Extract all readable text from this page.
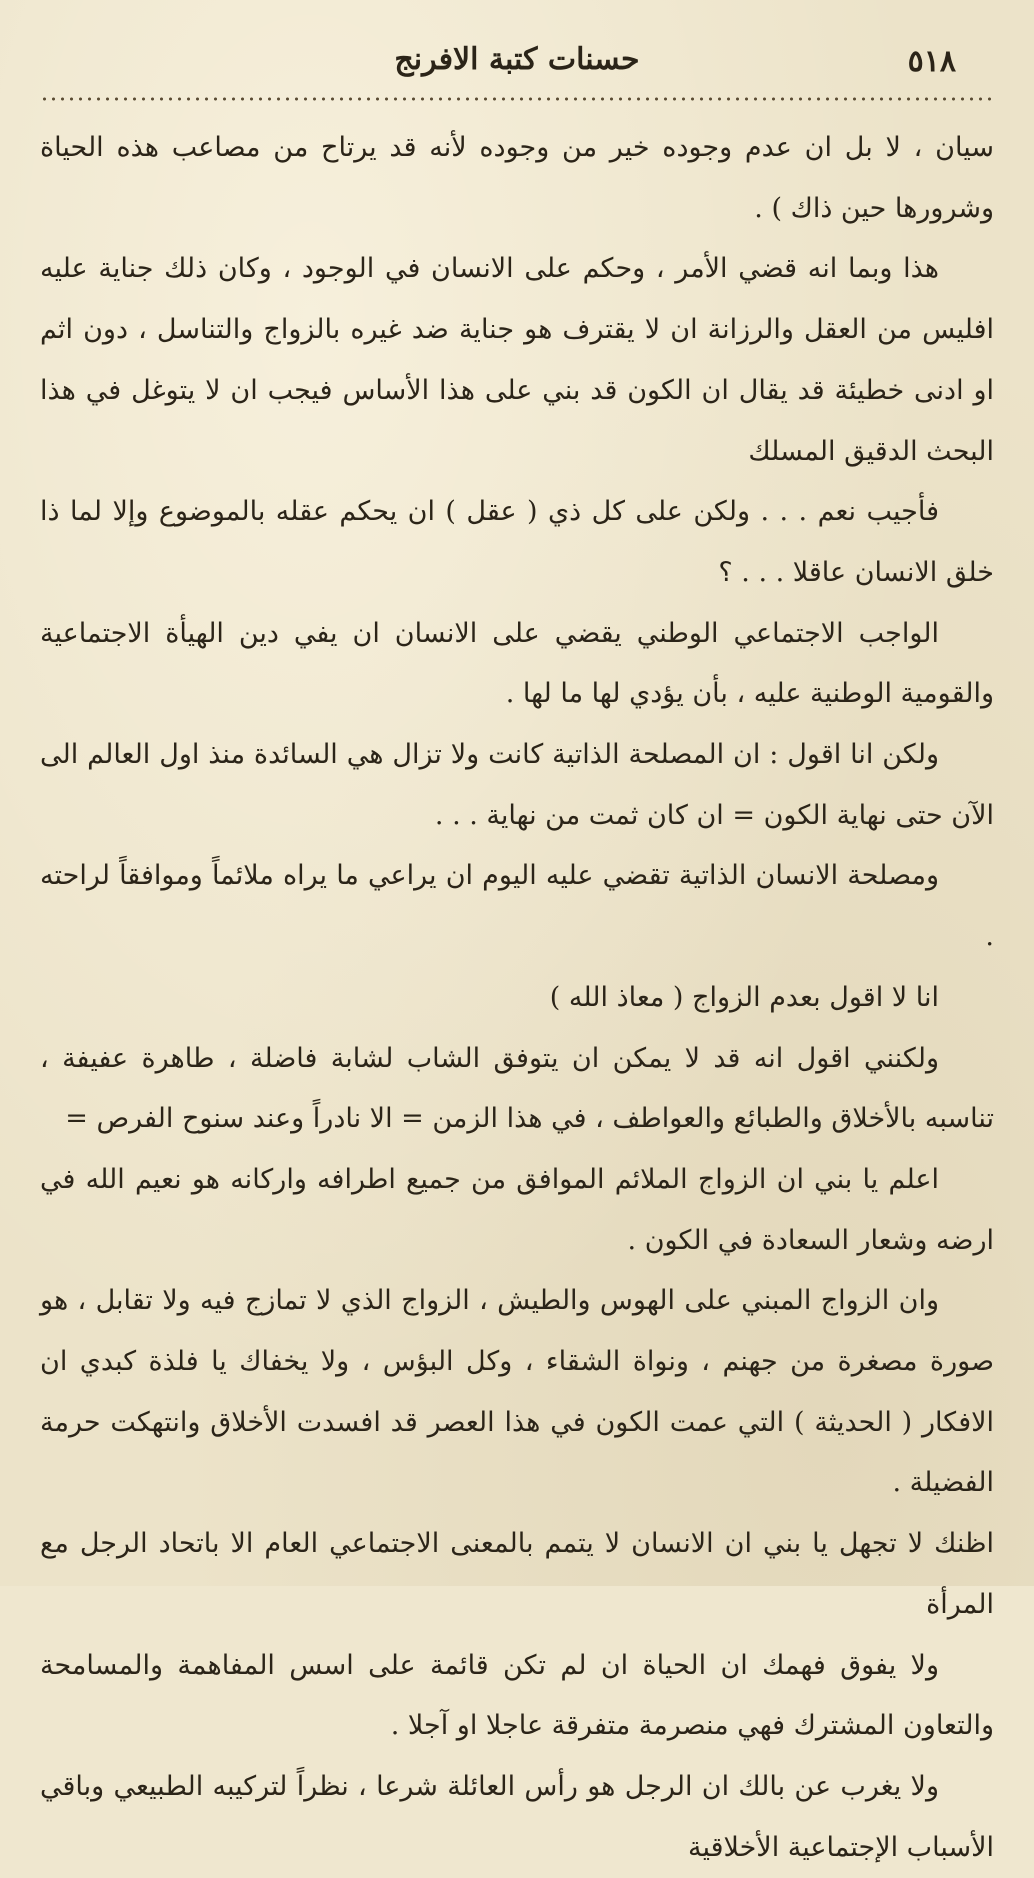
٥١٨
حسنات كتبة الافرنج

سيان ، لا بل ان عدم وجوده خير من وجوده لأنه قد يرتاح من مصاعب هذه الحياة وشرورها حين ذاك ) .

هذا وبما انه قضي الأمر ، وحكم على الانسان في الوجود ، وكان ذلك جناية عليه افليس من العقل والرزانة ان لا يقترف هو جناية ضد غيره بالزواج والتناسل ، دون اثم او ادنى خطيئة قد يقال ان الكون قد بني على هذا الأساس فيجب ان لا يتوغل في هذا البحث الدقيق المسلك

فأجيب نعم . . . ولكن على كل ذي ( عقل ) ان يحكم عقله بالموضوع وإلا لما ذا خلق الانسان عاقلا . . . ؟

الواجب الاجتماعي الوطني يقضي على الانسان ان يفي دين الهيأة الاجتماعية والقومية الوطنية عليه ، بأن يؤدي لها ما لها .

ولكن انا اقول : ان المصلحة الذاتية كانت ولا تزال هي السائدة منذ اول العالم الى الآن حتى نهاية الكون = ان كان ثمت من نهاية . . .

ومصلحة الانسان الذاتية تقضي عليه اليوم ان يراعي ما يراه ملائماً وموافقاً لراحته .

انا لا اقول بعدم الزواج ( معاذ الله )

ولكنني اقول انه قد لا يمكن ان يتوفق الشاب لشابة فاضلة ، طاهرة عفيفة ، تناسبه بالأخلاق والطبائع والعواطف ، في هذا الزمن = الا نادراً وعند سنوح الفرص =

اعلم يا بني ان الزواج الملائم الموافق من جميع اطرافه واركانه هو نعيم الله في ارضه وشعار السعادة في الكون .

وان الزواج المبني على الهوس والطيش ، الزواج الذي لا تمازج فيه ولا تقابل ، هو صورة مصغرة من جهنم ، ونواة الشقاء ، وكل البؤس ، ولا يخفاك يا فلذة كبدي ان الافكار ( الحديثة ) التي عمت الكون في هذا العصر قد افسدت الأخلاق وانتهكت حرمة الفضيلة .

اظنك لا تجهل يا بني ان الانسان لا يتمم بالمعنى الاجتماعي العام الا باتحاد الرجل مع المرأة

ولا يفوق فهمك ان الحياة ان لم تكن قائمة على اسس المفاهمة والمسامحة والتعاون المشترك فهي منصرمة متفرقة عاجلا او آجلا .

ولا يغرب عن بالك ان الرجل هو رأس العائلة شرعا ، نظراً لتركيبه الطبيعي وباقي الأسباب الإجتماعية الأخلاقية
